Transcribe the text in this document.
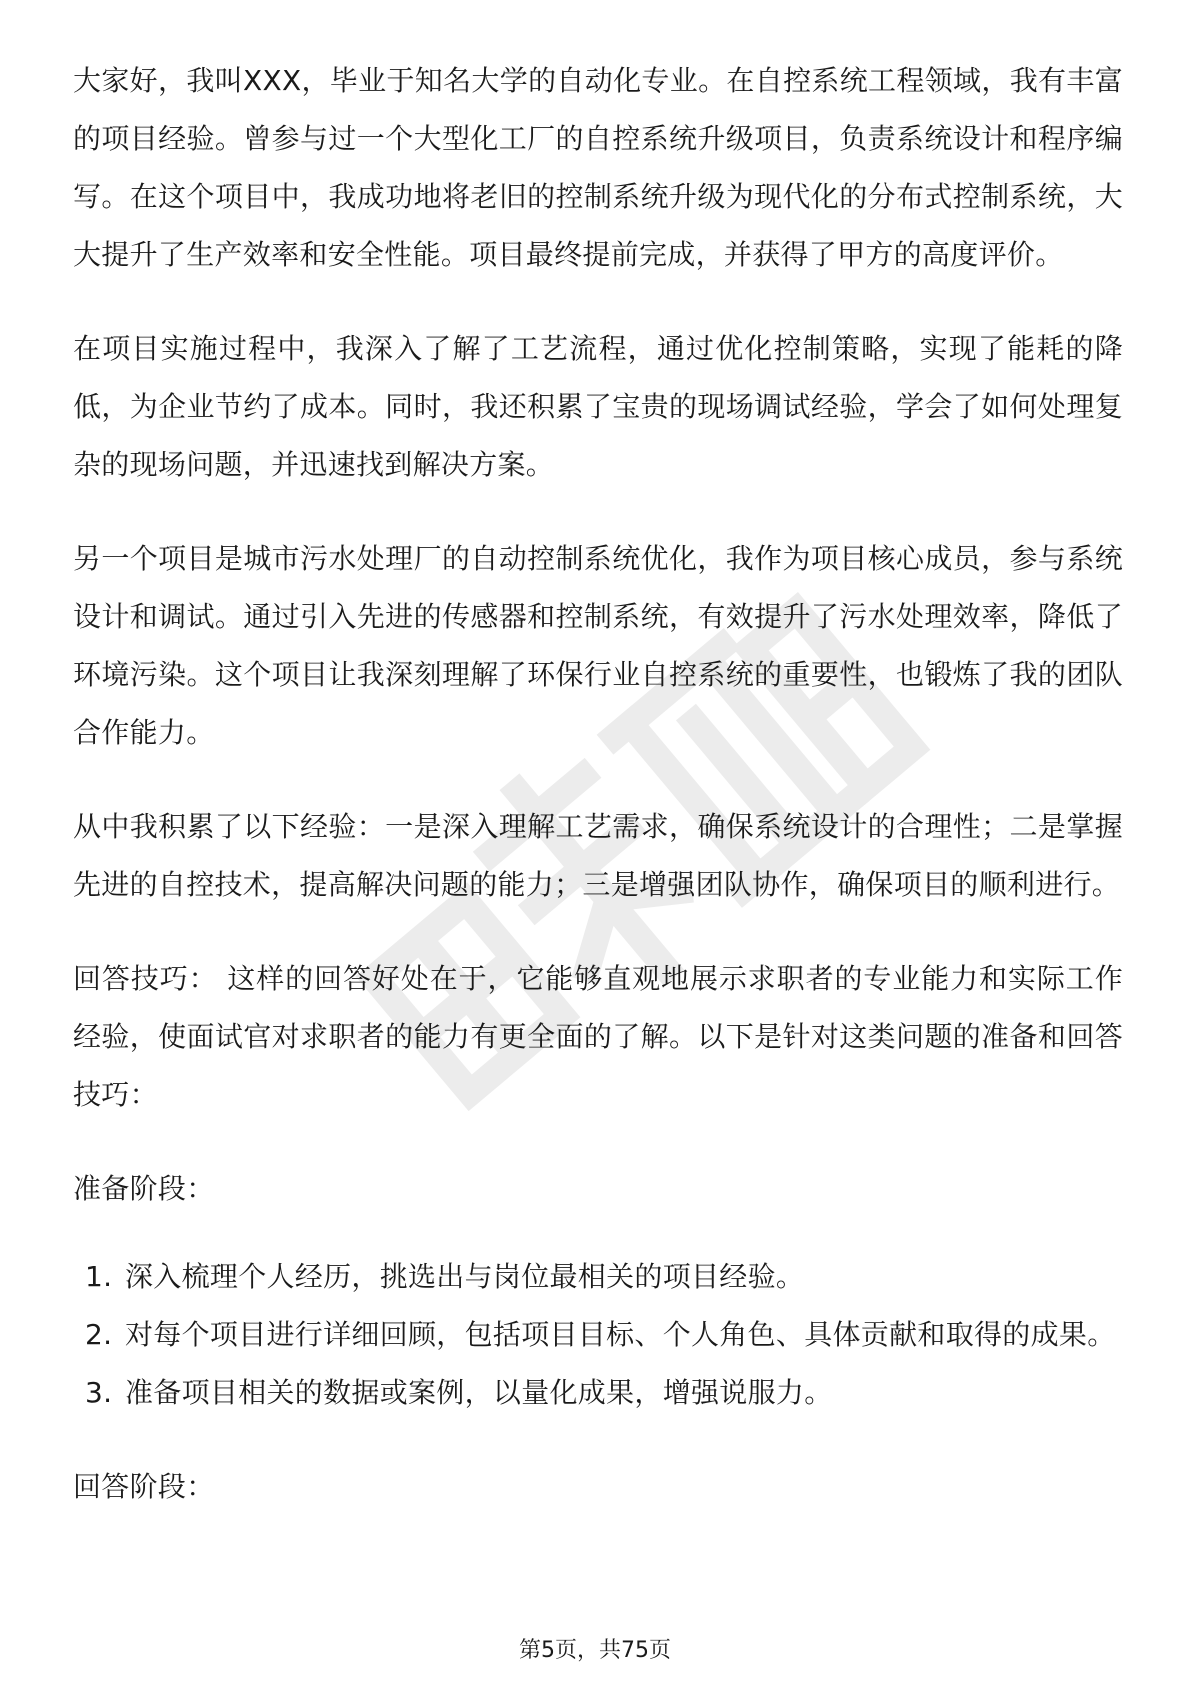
大家好，我叫XXX，毕业于知名大学的自动化专业。在自控系统工程领域，我有丰富的项目经验。曾参与过一个大型化工厂的自控系统升级项目，负责系统设计和程序编写。在这个项目中，我成功地将老旧的控制系统升级为现代化的分布式控制系统，大大提升了生产效率和安全性能。项目最终提前完成，并获得了甲方的高度评价。

在项目实施过程中，我深入了解了工艺流程，通过优化控制策略，实现了能耗的降低，为企业节约了成本。同时，我还积累了宝贵的现场调试经验，学会了如何处理复杂的现场问题，并迅速找到解决方案。

另一个项目是城市污水处理厂的自动控制系统优化，我作为项目核心成员，参与系统设计和调试。通过引入先进的传感器和控制系统，有效提升了污水处理效率，降低了环境污染。这个项目让我深刻理解了环保行业自控系统的重要性，也锻炼了我的团队合作能力。

从中我积累了以下经验：一是深入理解工艺需求，确保系统设计的合理性；二是掌握先进的自控技术，提高解决问题的能力；三是增强团队协作，确保项目的顺利进行。

回答技巧： 这样的回答好处在于，它能够直观地展示求职者的专业能力和实际工作经验，使面试官对求职者的能力有更全面的了解。以下是针对这类问题的准备和回答技巧：

准备阶段：

1. 深入梳理个人经历，挑选出与岗位最相关的项目经验。
2. 对每个项目进行详细回顾，包括项目目标、个人角色、具体贡献和取得的成果。
3. 准备项目相关的数据或案例，以量化成果，增强说服力。

回答阶段：

第5页，共75页
